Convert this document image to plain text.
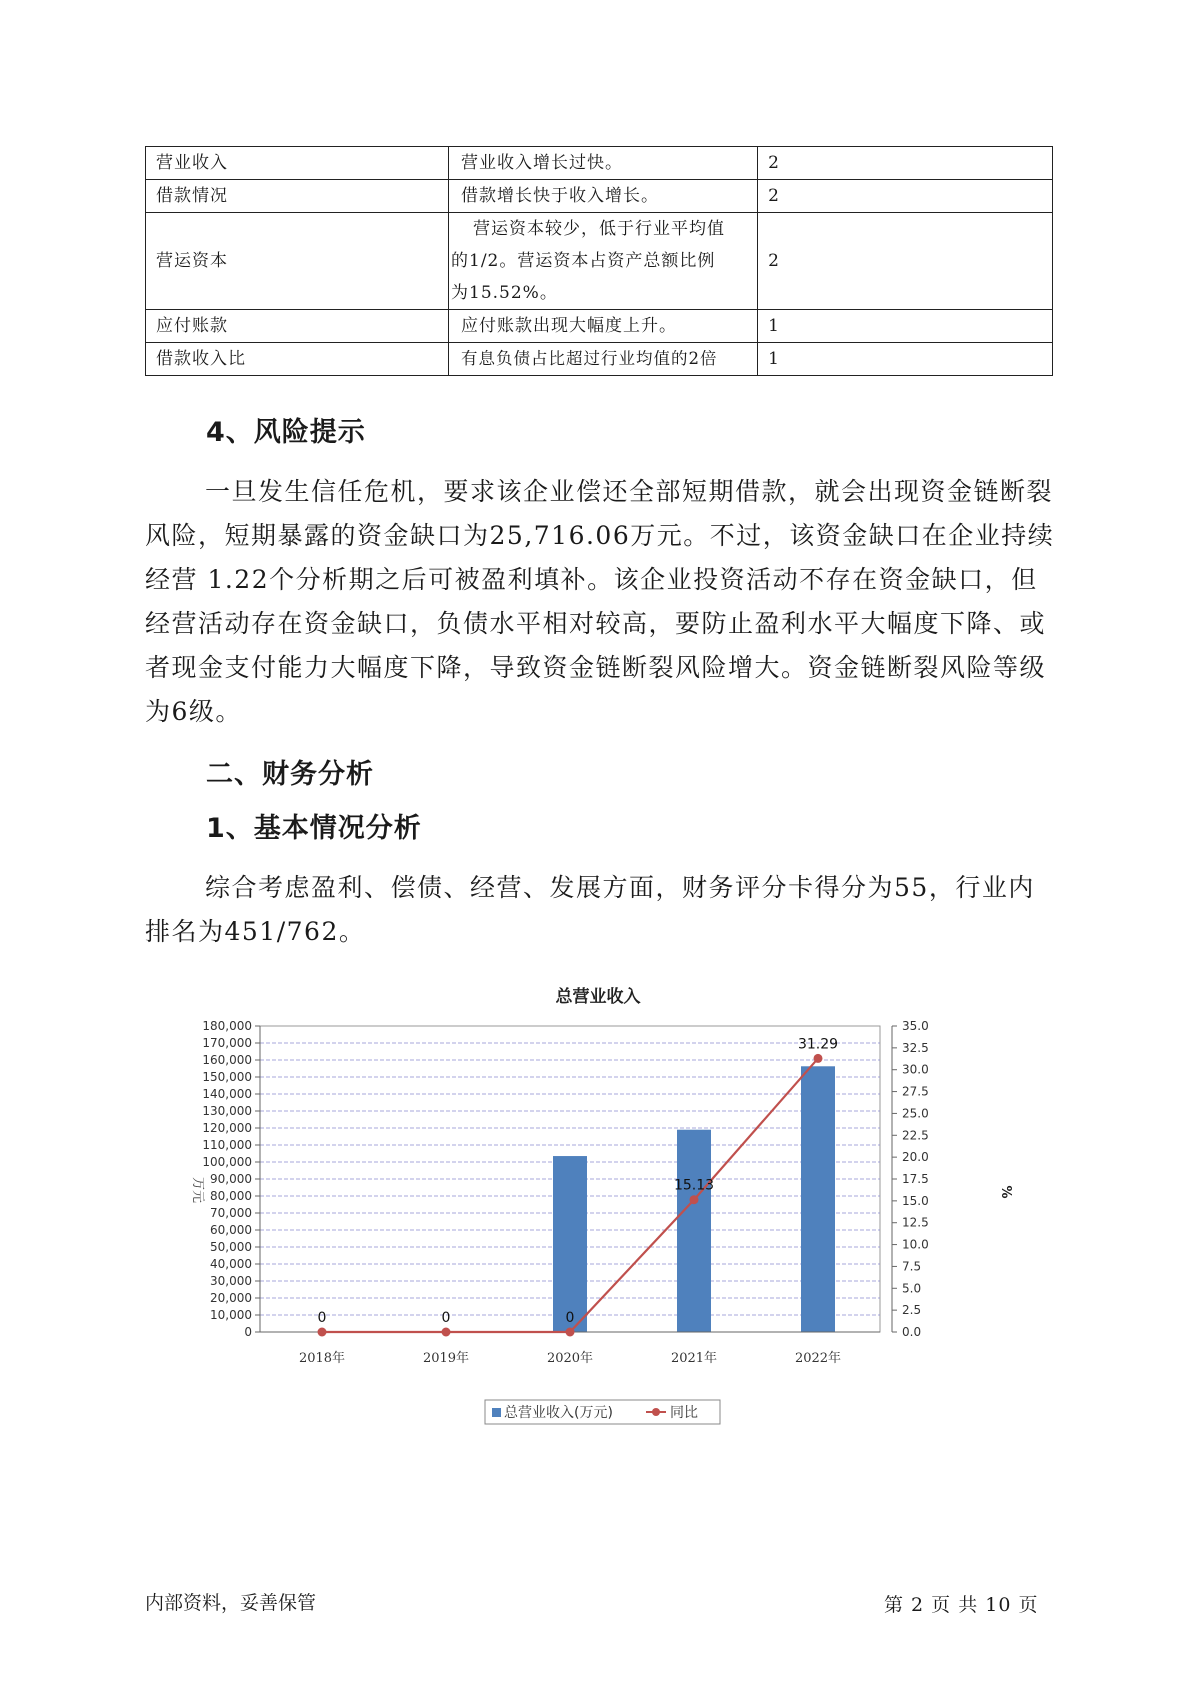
营业收入	营业收入增长过快。	2
借款情况	借款增长快于收入增长。	2
营运资本	营运资本较少，低于行业平均值
的1/2。营运资本占资产总额比例
为15.52%。	2
应付账款	应付账款出现大幅度上升。	1
借款收入比	有息负债占比超过行业均值的2倍	1
4、风险提示

一旦发生信任危机，要求该企业偿还全部短期借款，就会出现资金链断裂风险，短期暴露的资金缺口为25,716.06万元。不过，该资金缺口在企业持续经营 1.22个分析期之后可被盈利填补。该企业投资活动不存在资金缺口，但经营活动存在资金缺口，负债水平相对较高，要防止盈利水平大幅度下降、或者现金支付能力大幅度下降，导致资金链断裂风险增大。资金链断裂风险等级为6级。

二、财务分析
1、基本情况分析

综合考虑盈利、偿债、经营、发展方面，财务评分卡得分为55，行业内排名为451/762。

总营业收入
0
10,000
20,000
30,000
40,000
50,000
60,000
70,000
80,000
90,000
100,000
110,000
120,000
130,000
140,000
150,000
160,000
170,000
180,000
0.0
2.5
5.0
7.5
10.0
12.5
15.0
17.5
20.0
22.5
25.0
27.5
30.0
32.5
35.0
2018年	2019年	2020年	2021年	2022年
0	0	0
15.13
31.29
万元	%
总营业收入(万元)	同比
内部资料，妥善保管	第 2 页 共 10 页
